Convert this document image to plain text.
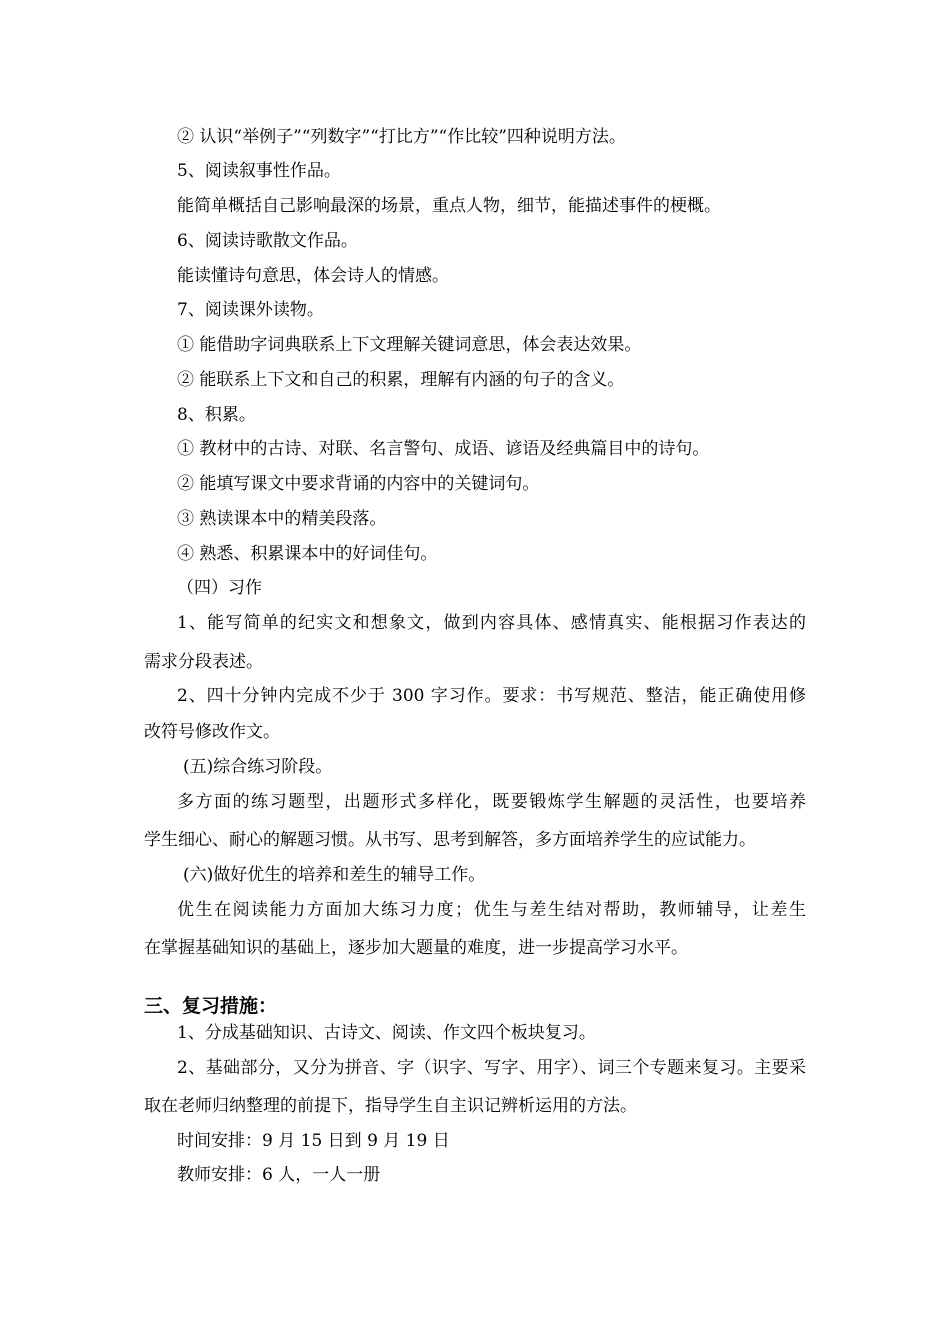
② 认识“举例子”“列数字”“打比方”“作比较”四种说明方法。
5、阅读叙事性作品。
能简单概括自己影响最深的场景，重点人物，细节，能描述事件的梗概。
6、阅读诗歌散文作品。
能读懂诗句意思，体会诗人的情感。
7、阅读课外读物。
① 能借助字词典联系上下文理解关键词意思，体会表达效果。
② 能联系上下文和自己的积累，理解有内涵的句子的含义。
8、积累。
① 教材中的古诗、对联、名言警句、成语、谚语及经典篇目中的诗句。
② 能填写课文中要求背诵的内容中的关键词句。
③ 熟读课本中的精美段落。
④ 熟悉、积累课本中的好词佳句。
（四）习作
1、能写简单的纪实文和想象文，做到内容具体、感情真实、能根据习作表达的
需求分段表述。
2、四十分钟内完成不少于 300 字习作。要求：书写规范、整洁，能正确使用修
改符号修改作文。
(五)综合练习阶段。
多方面的练习题型，出题形式多样化，既要锻炼学生解题的灵活性，也要培养
学生细心、耐心的解题习惯。从书写、思考到解答，多方面培养学生的应试能力。
(六)做好优生的培养和差生的辅导工作。
优生在阅读能力方面加大练习力度；优生与差生结对帮助，教师辅导，让差生
在掌握基础知识的基础上，逐步加大题量的难度，进一步提高学习水平。
三、复习措施：
1、分成基础知识、古诗文、阅读、作文四个板块复习。
2、基础部分，又分为拼音、字（识字、写字、用字）、词三个专题来复习。主要采
取在老师归纳整理的前提下，指导学生自主识记辨析运用的方法。
时间安排：9 月 15 日到 9 月 19 日
教师安排：6 人，一人一册
